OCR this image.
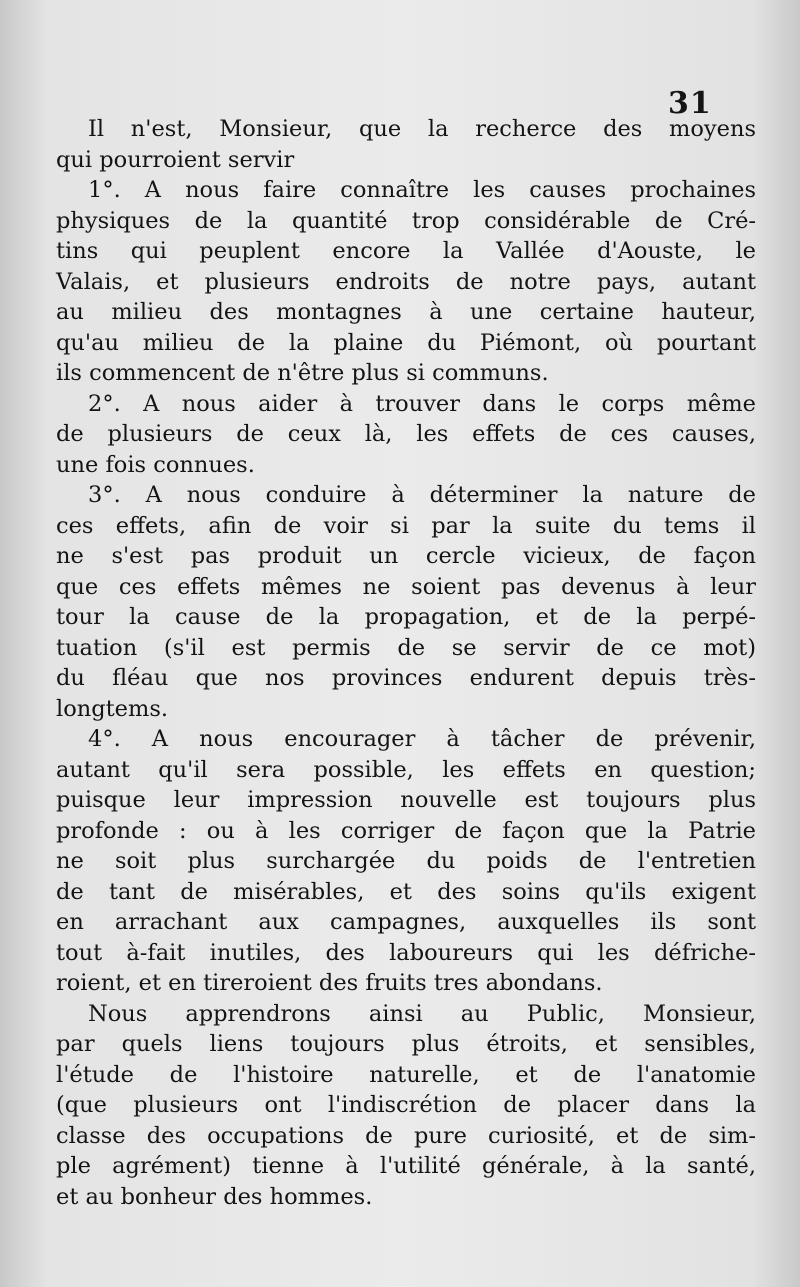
31
Il n'est, Monsieur, que la recherce des moyens
qui pourroient servir
1°. A nous faire connaître les causes prochaines
physiques de la quantité trop considérable de Cré-
tins qui peuplent encore la Vallée d'Aouste, le
Valais, et plusieurs endroits de notre pays, autant
au milieu des montagnes à une certaine hauteur,
qu'au milieu de la plaine du Piémont, où pourtant
ils commencent de n'être plus si communs.
2°. A nous aider à trouver dans le corps même
de plusieurs de ceux là, les effets de ces causes,
une fois connues.
3°. A nous conduire à déterminer la nature de
ces effets, afin de voir si par la suite du tems il
ne s'est pas produit un cercle vicieux, de façon
que ces effets mêmes ne soient pas devenus à leur
tour la cause de la propagation, et de la perpé-
tuation (s'il est permis de se servir de ce mot)
du fléau que nos provinces endurent depuis très-
longtems.
4°. A nous encourager à tâcher de prévenir,
autant qu'il sera possible, les effets en question;
puisque leur impression nouvelle est toujours plus
profonde : ou à les corriger de façon que la Patrie
ne soit plus surchargée du poids de l'entretien
de tant de misérables, et des soins qu'ils exigent
en arrachant aux campagnes, auxquelles ils sont
tout à-fait inutiles, des laboureurs qui les défriche-
roient, et en tireroient des fruits tres abondans.
Nous apprendrons ainsi au Public, Monsieur,
par quels liens toujours plus étroits, et sensibles,
l'étude de l'histoire naturelle, et de l'anatomie
(que plusieurs ont l'indiscrétion de placer dans la
classe des occupations de pure curiosité, et de sim-
ple agrément) tienne à l'utilité générale, à la santé,
et au bonheur des hommes.
